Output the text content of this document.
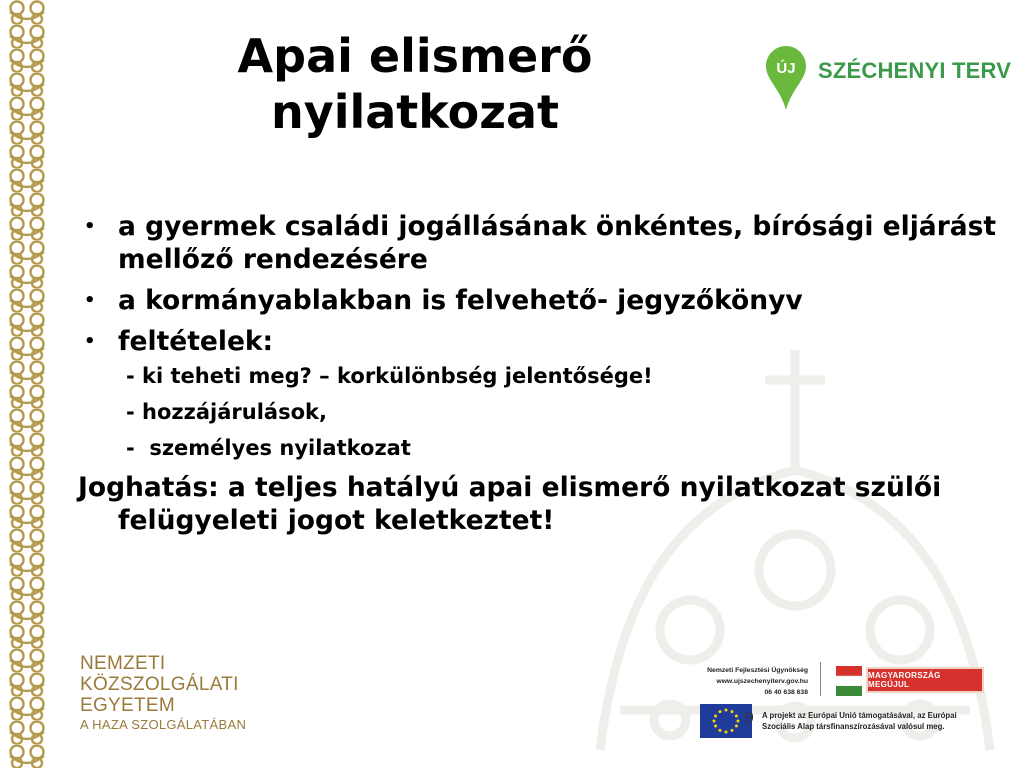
Apai elismerő
nyilatkozat
ÚJ SZÉCHENYI TERV
• a gyermek családi jogállásának önkéntes, bírósági eljárást mellőző rendezésére
• a kormányablakban is felvehető- jegyzőkönyv
• feltételek:
- ki teheti meg? – korkülönbség jelentősége!
- hozzájárulások,
-  személyes nyilatkozat
Joghatás: a teljes hatályú apai elismerő nyilatkozat szülői felügyeleti jogot keletkeztet!
NEMZETI
KÖZSZOLGÁLATI
EGYETEM
A HAZA SZOLGÁLATÁBAN
Nemzeti Fejlesztési Ügynökség
www.ujszechenyiterv.gov.hu
06 40 638 638
MAGYARORSZÁG MEGÚJUL
9 A projekt az Európai Unió támogatásával, az Európai
Szociális Alap társfinanszírozásával valósul meg.
